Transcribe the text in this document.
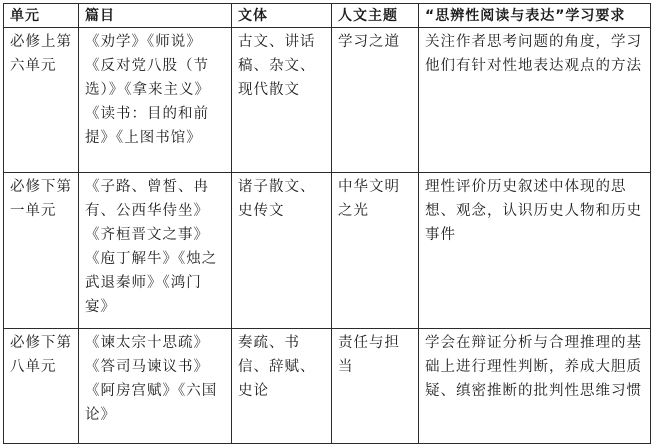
单元	篇目	文体	人文主题	“思辨性阅读与表达”学习要求
必修上第六单元	《劝学》《师说》《反对党八股（节选）》《拿来主义》《读书：目的和前提》《上图书馆》	古文、讲话稿、杂文、现代散文	学习之道	关注作者思考问题的角度，学习他们有针对性地表达观点的方法
必修下第一单元	《子路、曾皙、冉有、公西华侍坐》《齐桓晋文之事》《庖丁解牛》《烛之武退秦师》《鸿门宴》	诸子散文、史传文	中华文明之光	理性评价历史叙述中体现的思想、观念，认识历史人物和历史事件
必修下第八单元	《谏太宗十思疏》《答司马谏议书》《阿房宫赋》《六国论》	奏疏、书信、辞赋、史论	责任与担当	学会在辩证分析与合理推理的基础上进行理性判断，养成大胆质疑、缜密推断的批判性思维习惯
